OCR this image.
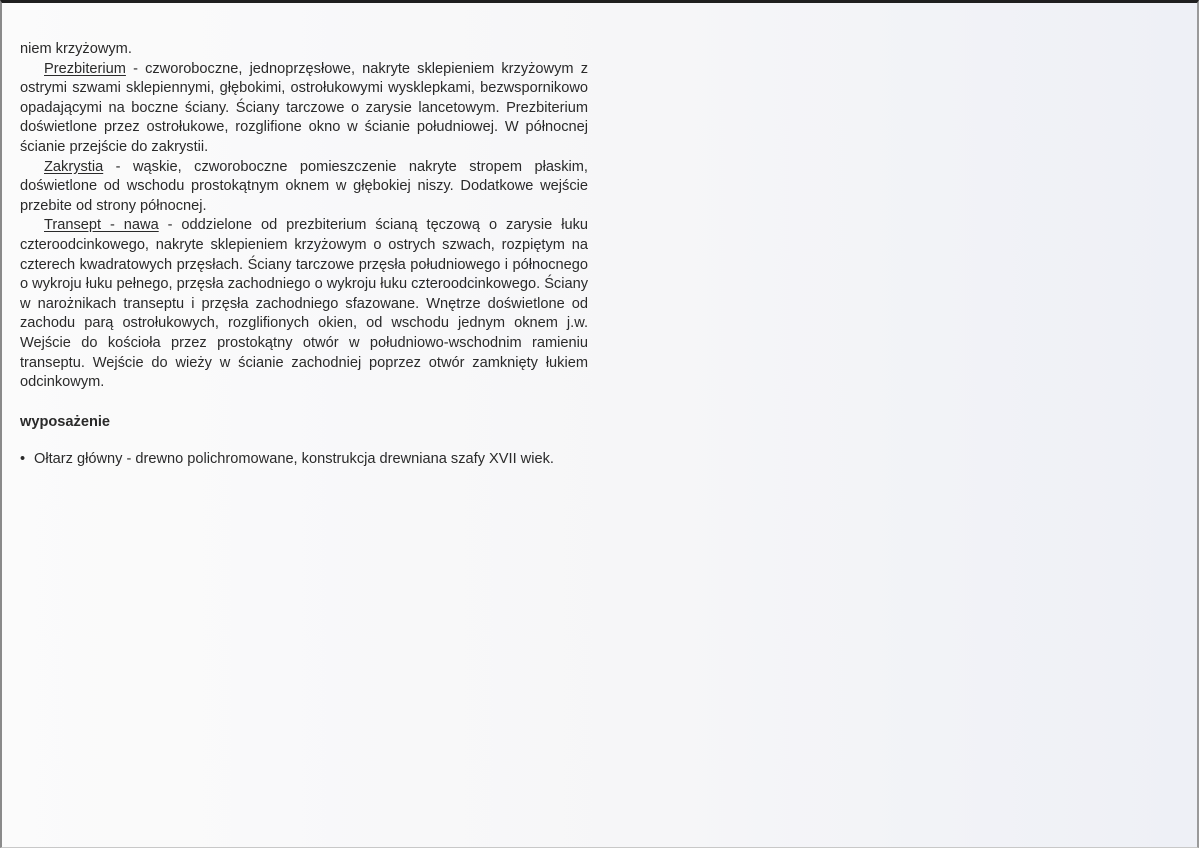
niem krzyżowym.

Prezbiterium - czworoboczne, jednoprzęsłowe, nakryte sklepieniem krzyżowym z ostrymi szwami sklepiennymi, głębokimi, ostrołukowymi wysklepkami, bezwspornikowo opadającymi na boczne ściany. Ściany tarczowe o zarysie lancetowym. Prezbiterium doświetlone przez ostrołukowe, rozglifione okno w ścianie południowej. W północnej ścianie przejście do zakrystii.

Zakrystia - wąskie, czworoboczne pomieszczenie nakryte stropem płaskim, doświetlone od wschodu prostokątnym oknem w głębokiej niszy. Dodatkowe wejście przebite od strony północnej.

Transept - nawa - oddzielone od prezbiterium ścianą tęczową o zarysie łuku czteroodcinkowego, nakryte sklepieniem krzyżowym o ostrych szwach, rozpiętym na czterech kwadratowych przęsłach. Ściany tarczowe przęsła południowego i północnego o wykroju łuku pełnego, przęsła zachodniego o wykroju łuku czteroodcinkowego. Ściany w narożnikach transeptu i przęsła zachodniego sfazowane. Wnętrze doświetlone od zachodu parą ostrołukowych, rozglifionych okien, od wschodu jednym oknem j.w. Wejście do kościoła przez prostokątny otwór w południowo-wschodnim ramieniu transeptu. Wejście do wieży w ścianie zachodniej poprzez otwór zamknięty łukiem odcinkowym.

wyposażenie
• Ołtarz główny - drewno polichromowane, konstrukcja drewniana szafy XVII wiek.
